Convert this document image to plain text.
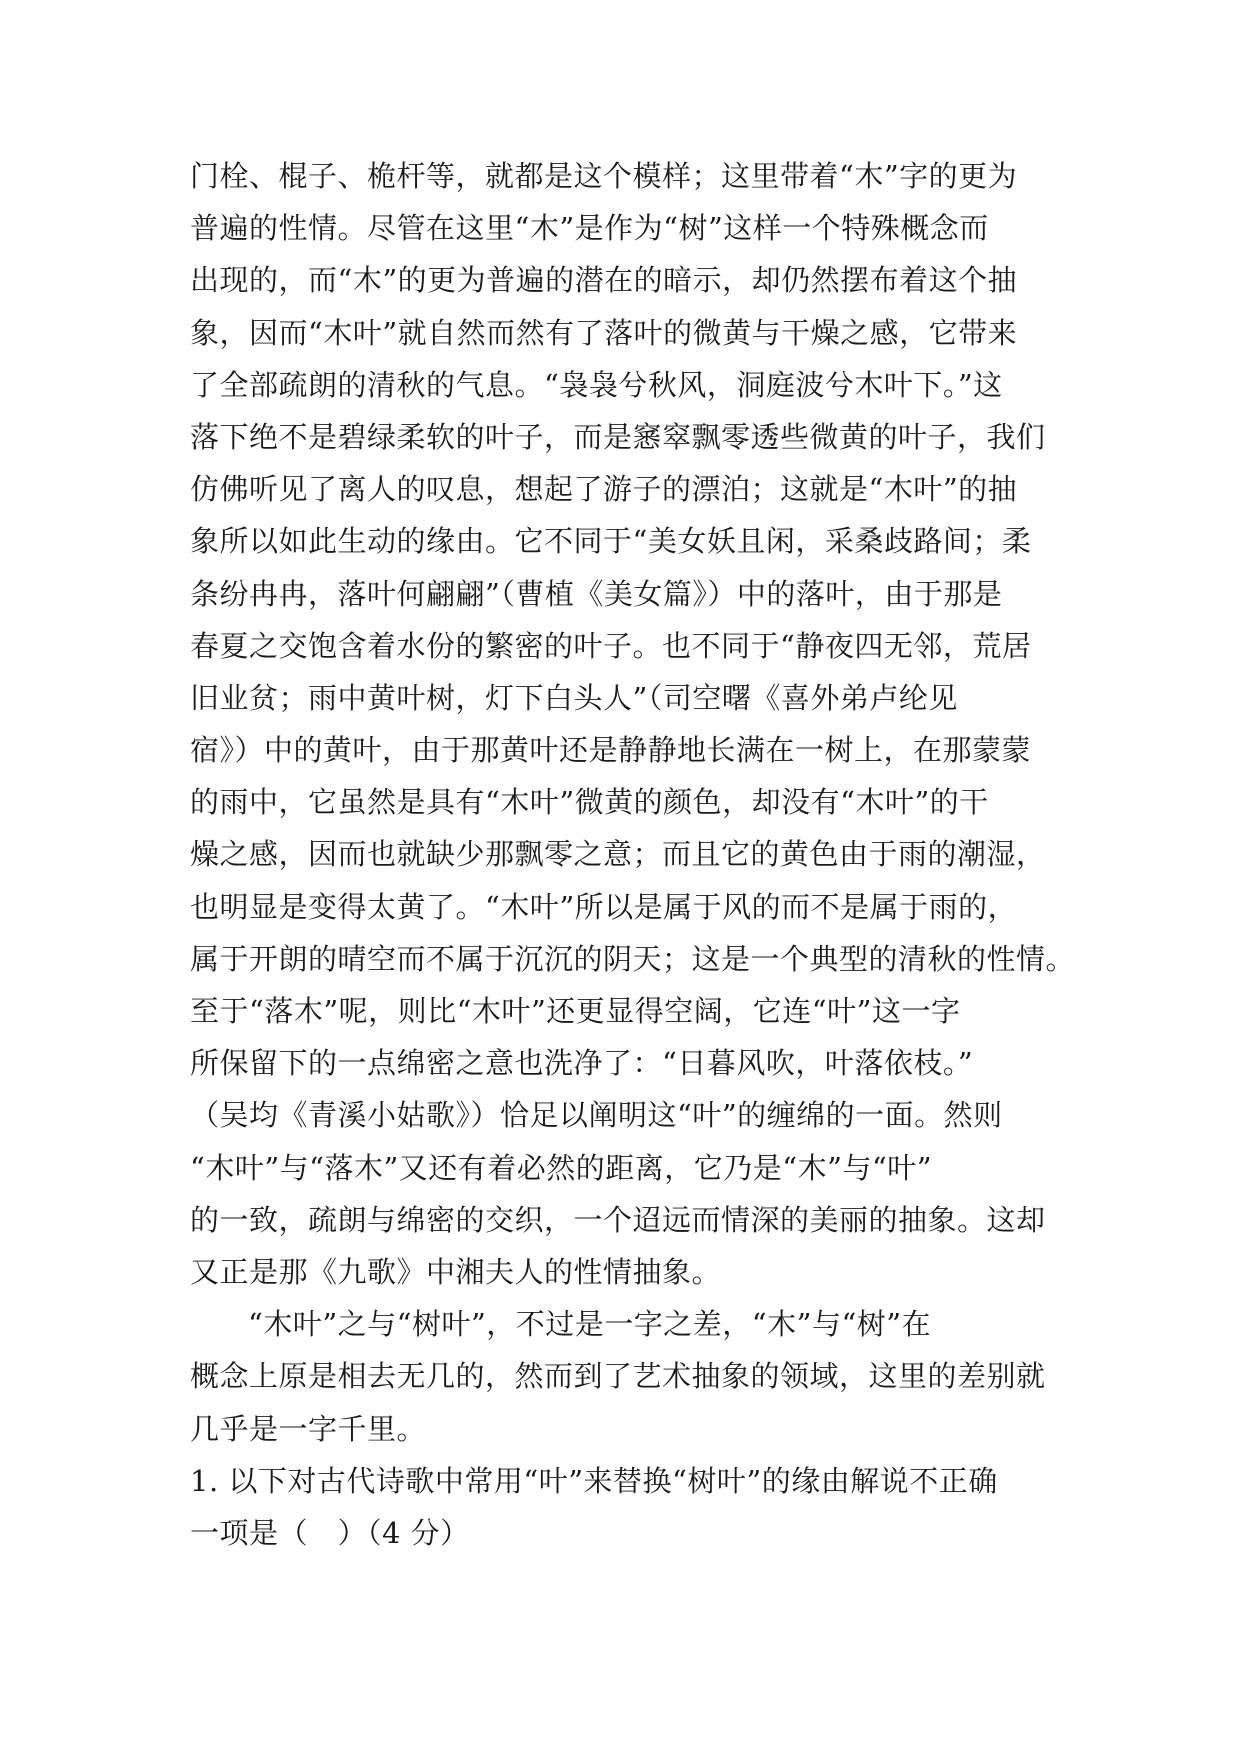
门栓、棍子、桅杆等，就都是这个模样；这里带着“木”字的更为
普遍的性情。尽管在这里“木”是作为“树”这样一个特殊概念而
出现的，而“木”的更为普遍的潜在的暗示，却仍然摆布着这个抽
象，因而“木叶”就自然而然有了落叶的微黄与干燥之感，它带来
了全部疏朗的清秋的气息。“袅袅兮秋风，洞庭波兮木叶下。”这
落下绝不是碧绿柔软的叶子，而是窸窣飘零透些微黄的叶子，我们
仿佛听见了离人的叹息，想起了游子的漂泊；这就是“木叶”的抽
象所以如此生动的缘由。它不同于“美女妖且闲，采桑歧路间；柔
条纷冉冉，落叶何翩翩”（曹植《美女篇》）中的落叶，由于那是
春夏之交饱含着水份的繁密的叶子。也不同于“静夜四无邻，荒居
旧业贫；雨中黄叶树，灯下白头人”（司空曙《喜外弟卢纶见
宿》）中的黄叶，由于那黄叶还是静静地长满在一树上，在那蒙蒙
的雨中，它虽然是具有“木叶”微黄的颜色，却没有“木叶”的干
燥之感，因而也就缺少那飘零之意；而且它的黄色由于雨的潮湿，
也明显是变得太黄了。“木叶”所以是属于风的而不是属于雨的，
属于开朗的晴空而不属于沉沉的阴天；这是一个典型的清秋的性情。
至于“落木”呢，则比“木叶”还更显得空阔，它连“叶”这一字
所保留下的一点绵密之意也洗净了：“日暮风吹，叶落依枝。”
（吴均《青溪小姑歌》）恰足以阐明这“叶”的缠绵的一面。然则
“木叶”与“落木”又还有着必然的距离，它乃是“木”与“叶”
的一致，疏朗与绵密的交织，一个迢远而情深的美丽的抽象。这却
又正是那《九歌》中湘夫人的性情抽象。
“木叶”之与“树叶”，不过是一字之差，“木”与“树”在
概念上原是相去无几的，然而到了艺术抽象的领域，这里的差别就
几乎是一字千里。
1. 以下对古代诗歌中常用“叶”来替换“树叶”的缘由解说不正确
一项是（　）（4 分）
